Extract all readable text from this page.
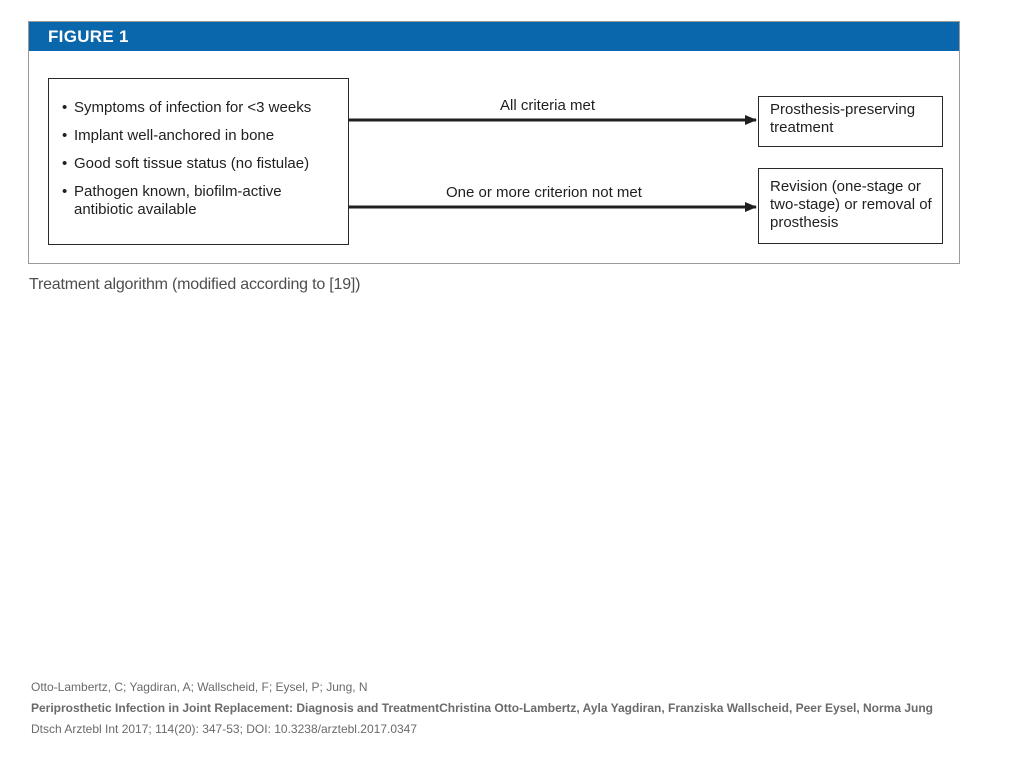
FIGURE 1
• Symptoms of infection for <3 weeks
• Implant well-anchored in bone
• Good soft tissue status (no fistulae)
• Pathogen known, biofilm-active antibiotic available
All criteria met
One or more criterion not met
Prosthesis-preserving treatment
Revision (one-stage or two-stage) or removal of prosthesis
Treatment algorithm (modified according to [19])
Otto-Lambertz, C; Yagdiran, A; Wallscheid, F; Eysel, P; Jung, N
Periprosthetic Infection in Joint Replacement: Diagnosis and TreatmentChristina Otto-Lambertz, Ayla Yagdiran, Franziska Wallscheid, Peer Eysel, Norma Jung
Dtsch Arztebl Int 2017; 114(20): 347-53; DOI: 10.3238/arztebl.2017.0347
